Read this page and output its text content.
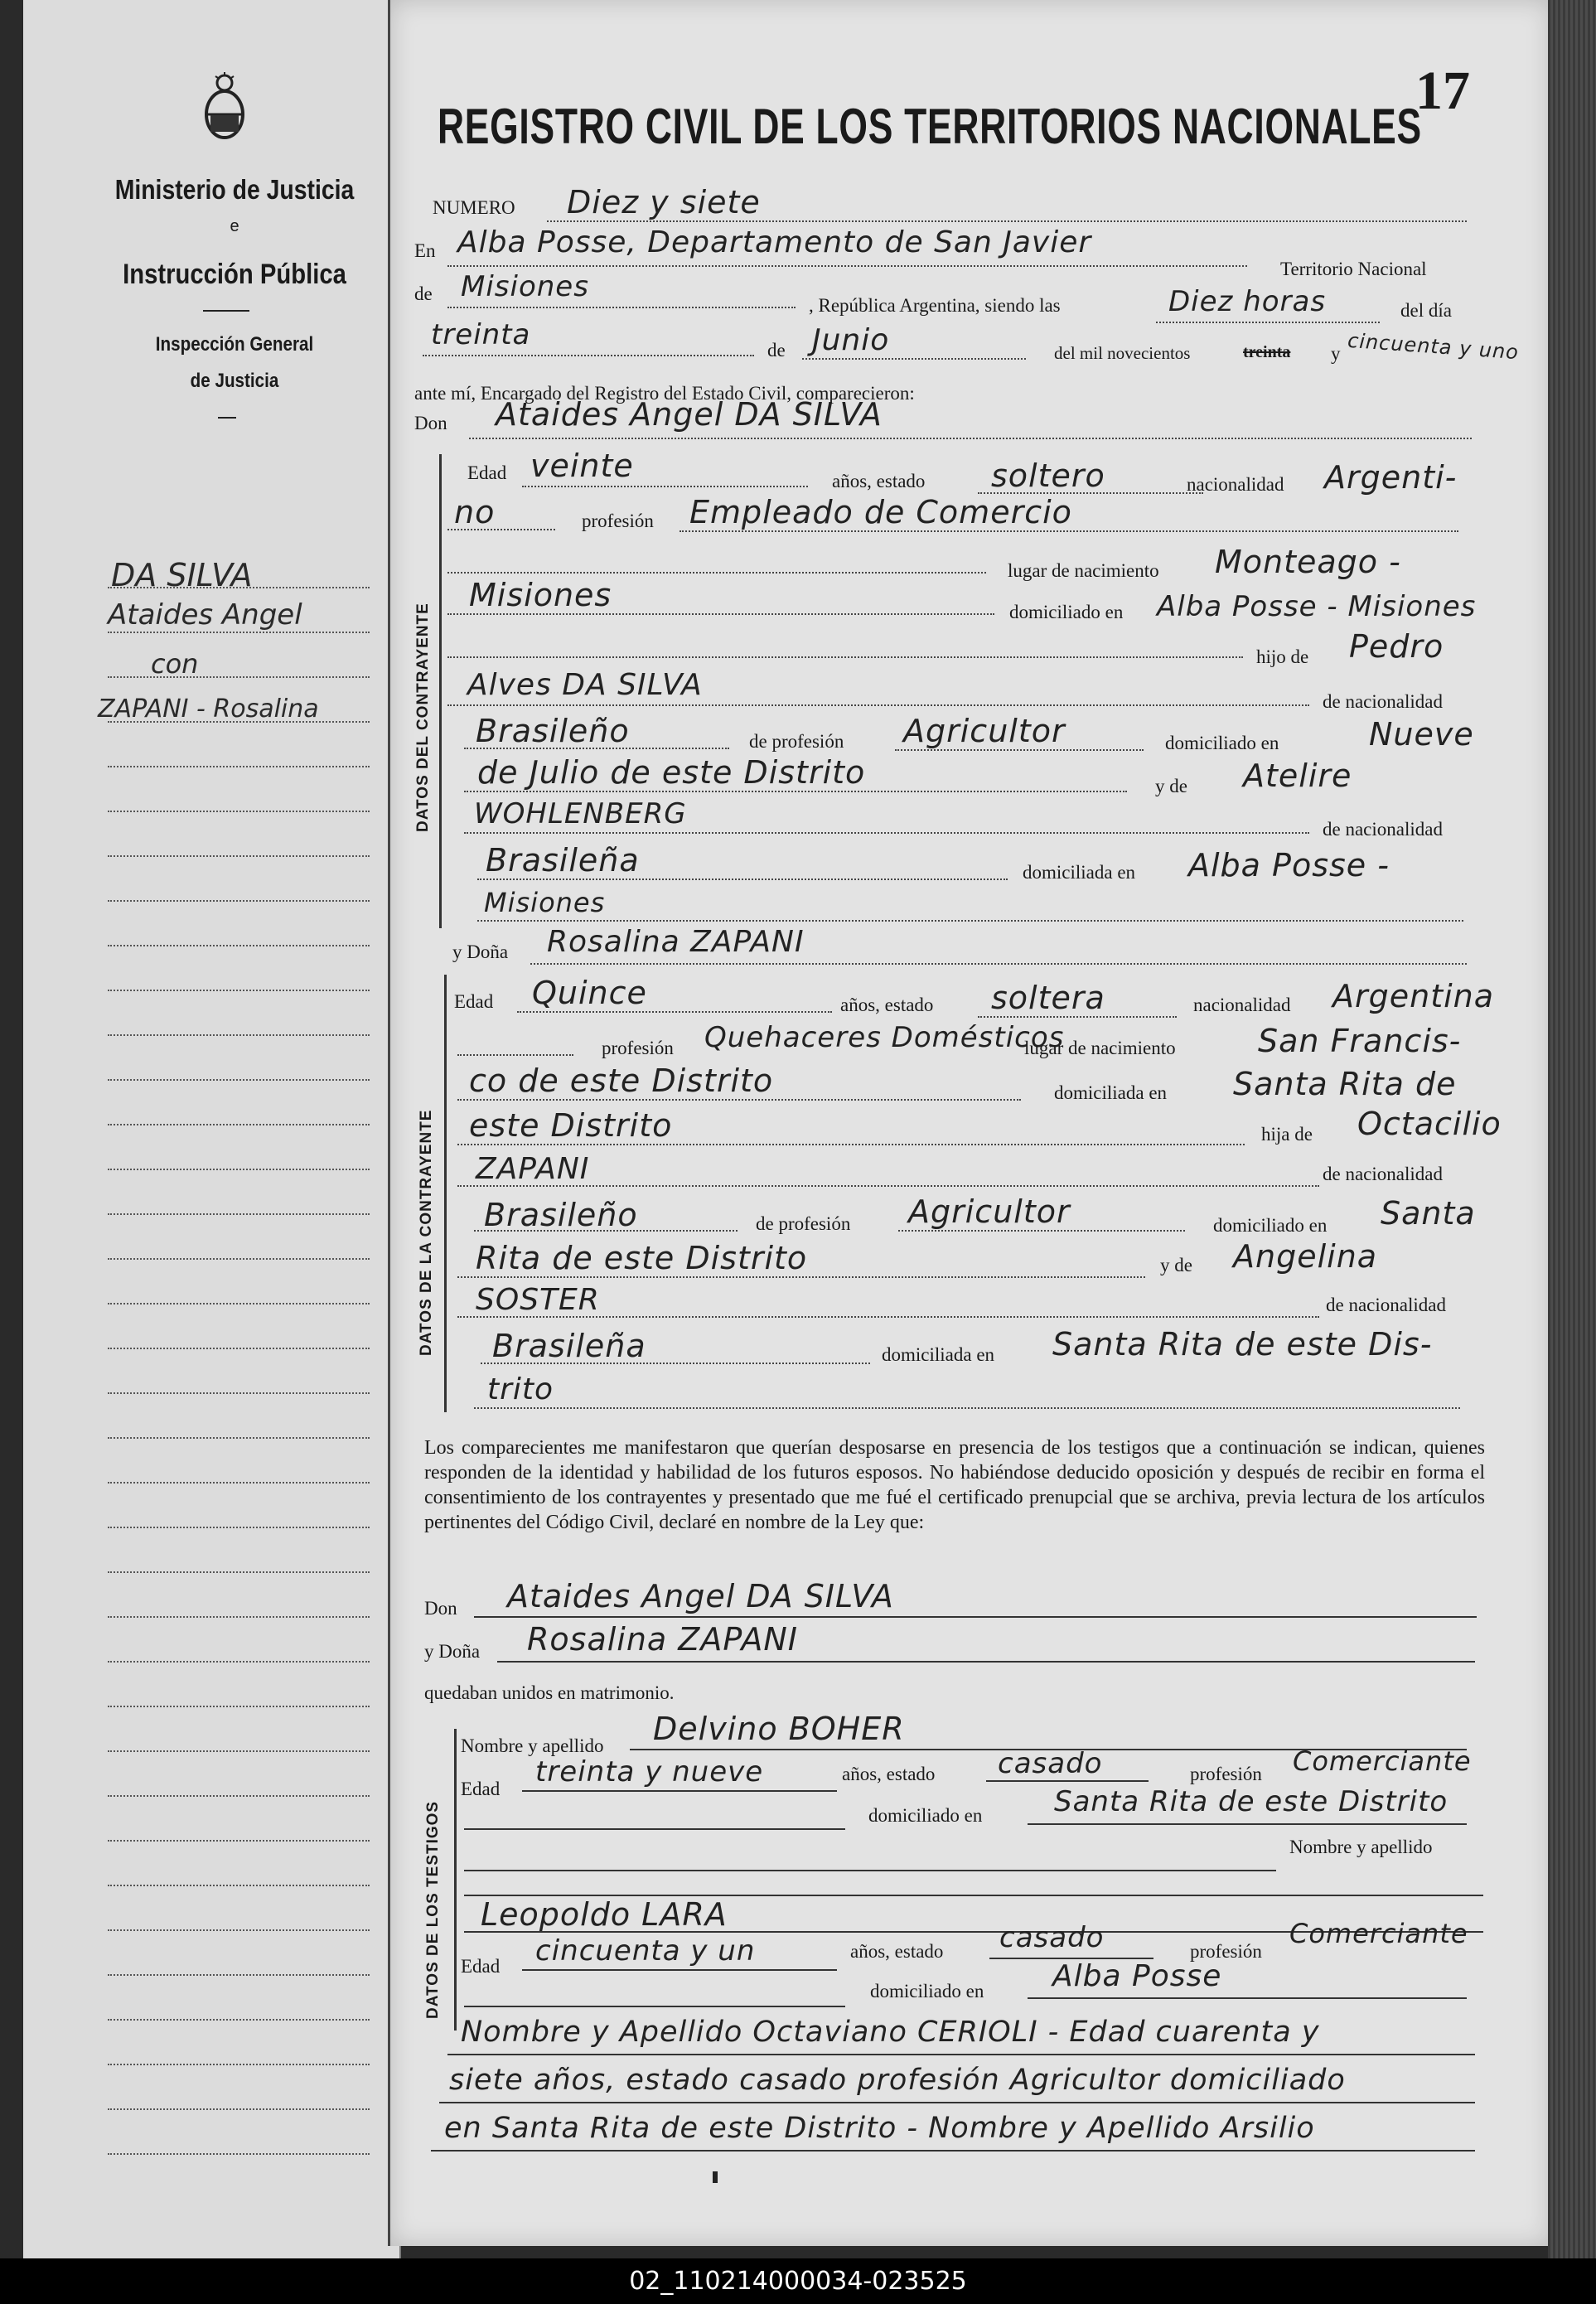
Ministerio de Justicia
e
Instrucción Pública
Inspección General
de Justicia
DA SILVA
Ataides Angel
con
ZAPANI - Rosalina
17
REGISTRO CIVIL DE LOS TERRITORIOS NACIONALES
NUMERO Diez y siete
En Alba Posse, Departamento de San Javier
Territorio Nacional
de Misiones
, República Argentina, siendo las	Diez horas	del día
treinta	de Junio	del mil novecientos	treinta y cincuenta y uno
ante mí, Encargado del Registro del Estado Civil, comparecieron:
Don Ataides Angel DA SILVA
DATOS DEL CONTRAYENTE
Edad veinte	años, estado soltero	nacionalidad Argenti-
no	profesión Empleado de Comercio
lugar de nacimiento Monteago -
Misiones	domiciliado en Alba Posse - Misiones
hijo de Pedro
Alves DA SILVA	de nacionalidad
Brasileño	de profesión Agricultor	domiciliado en	Nueve
de Julio de este Distrito	y de Atelire
WOHLENBERG	de nacionalidad
Brasileña	domiciliada en Alba Posse -
Misiones
y Doña Rosalina ZAPANI
DATOS DE LA CONTRAYENTE
Edad Quince	años, estado soltera	nacionalidad Argentina
profesión Quehaceres Domésticos
lugar de nacimiento	San Francis-
co de este Distrito	domiciliada en Santa Rita de
este Distrito	hija de Octacilio
ZAPANI	de nacionalidad
Brasileño	de profesión Agricultor	domiciliado en Santa
Rita de este Distrito	y de Angelina
SOSTER	de nacionalidad
Brasileña	domiciliada en Santa Rita de este Dis-
trito
Los comparecientes me manifestaron que querían desposarse en presencia de los testigos que a continuación se indican, quienes responden de la identidad y habilidad de los futuros esposos. No habiéndose deducido oposición y después de recibir en forma el consentimiento de los contrayentes y presentado que me fué el certificado prenupcial que se archiva, previa lectura de los artículos pertinentes del Código Civil, declaré en nombre de la Ley que:
Don Ataides Angel DA SILVA
y Doña Rosalina ZAPANI
quedaban unidos en matrimonio.
DATOS DE LOS TESTIGOS
Nombre y apellido Delvino BOHER
Edad
treinta y nueve	años, estado casado	profesión Comerciante
domiciliado en	Santa Rita de este Distrito
Nombre y apellido
Leopoldo LARA
Edad cincuenta y un	años, estado casado	profesión
Comerciante
domiciliado en Alba Posse
Nombre y Apellido Octaviano CERIOLI - Edad cuarenta y
siete años, estado casado profesión Agricultor domiciliado
en Santa Rita de este Distrito - Nombre y Apellido Arsilio
02_110214000034-023525
